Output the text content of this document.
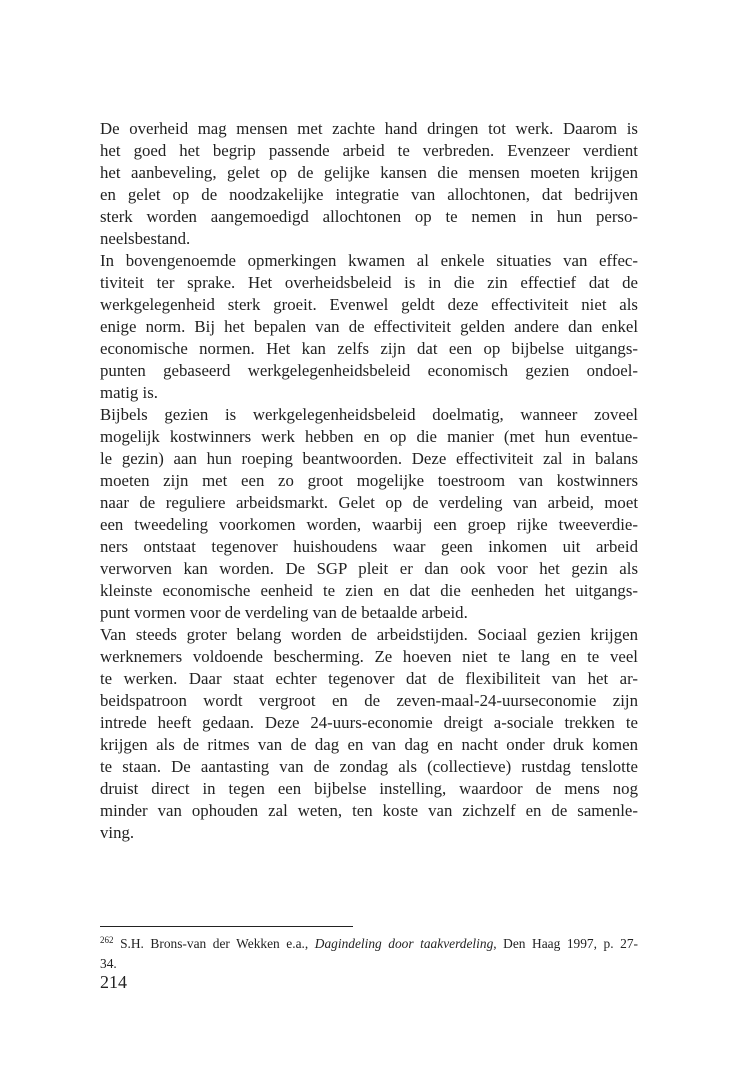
De overheid mag mensen met zachte hand dringen tot werk. Daarom is
het goed het begrip passende arbeid te verbreden. Evenzeer verdient
het aanbeveling, gelet op de gelijke kansen die mensen moeten krijgen
en gelet op de noodzakelijke integratie van allochtonen, dat bedrijven
sterk worden aangemoedigd allochtonen op te nemen in hun perso-
neelsbestand.

In bovengenoemde opmerkingen kwamen al enkele situaties van effec-
tiviteit ter sprake. Het overheidsbeleid is in die zin effectief dat de
werkgelegenheid sterk groeit. Evenwel geldt deze effectiviteit niet als
enige norm. Bij het bepalen van de effectiviteit gelden andere dan enkel
economische normen. Het kan zelfs zijn dat een op bijbelse uitgangs-
punten gebaseerd werkgelegenheidsbeleid economisch gezien ondoel-
matig is.

Bijbels gezien is werkgelegenheidsbeleid doelmatig, wanneer zoveel
mogelijk kostwinners werk hebben en op die manier (met hun eventue-
le gezin) aan hun roeping beantwoorden. Deze effectiviteit zal in balans
moeten zijn met een zo groot mogelijke toestroom van kostwinners
naar de reguliere arbeidsmarkt. Gelet op de verdeling van arbeid, moet
een tweedeling voorkomen worden, waarbij een groep rijke tweeverdie-
ners ontstaat tegenover huishoudens waar geen inkomen uit arbeid
verworven kan worden. De SGP pleit er dan ook voor het gezin als
kleinste economische eenheid te zien en dat die eenheden het uitgangs-
punt vormen voor de verdeling van de betaalde arbeid.

Van steeds groter belang worden de arbeidstijden. Sociaal gezien krijgen
werknemers voldoende bescherming. Ze hoeven niet te lang en te veel
te werken. Daar staat echter tegenover dat de flexibiliteit van het ar-
beidspatroon wordt vergroot en de zeven-maal-24-uurseconomie zijn
intrede heeft gedaan. Deze 24-uurs-economie dreigt a-sociale trekken te
krijgen als de ritmes van de dag en van dag en nacht onder druk komen
te staan. De aantasting van de zondag als (collectieve) rustdag tenslotte
druist direct in tegen een bijbelse instelling, waardoor de mens nog
minder van ophouden zal weten, ten koste van zichzelf en de samenle-
ving.

$^{262}$ S.H. Brons-van der Wekken e.a., Dagindeling door taakverdeling, Den Haag 1997, p. 27-
34.
214
